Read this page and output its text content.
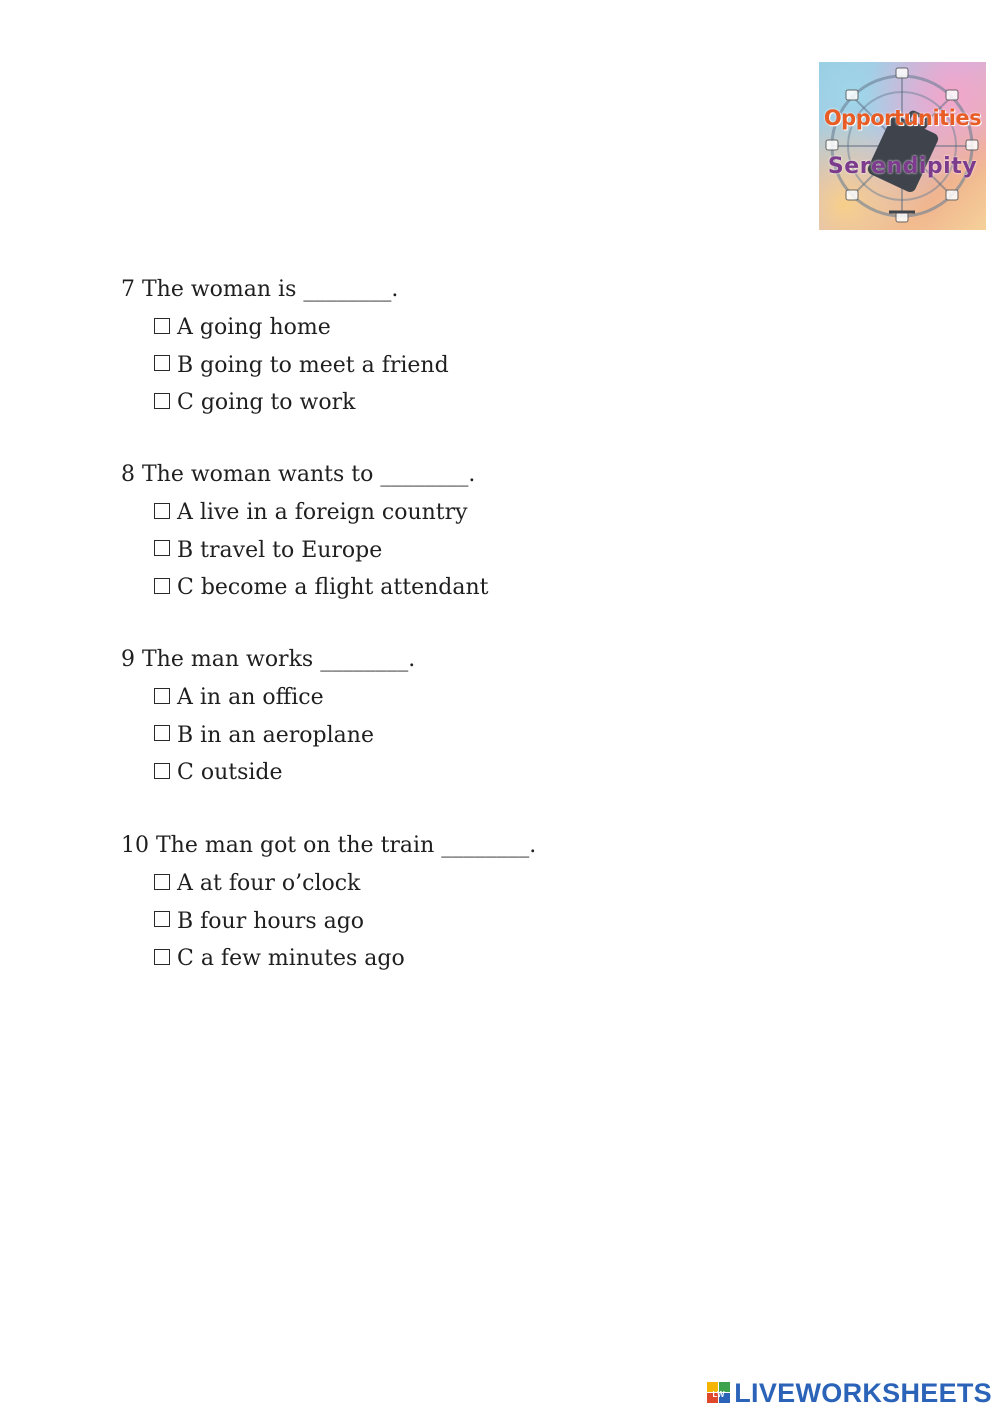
Opportunities
Serendipity
7 The woman is ________.
A going home
B going to meet a friend
C going to work
8 The woman wants to ________.
A live in a foreign country
B travel to Europe
C become a flight attendant
9 The man works ________.
A in an office
B in an aeroplane
C outside
10 The man got on the train ________.
A at four o’clock
B four hours ago
C a few minutes ago
LW LIVEWORKSHEETS
